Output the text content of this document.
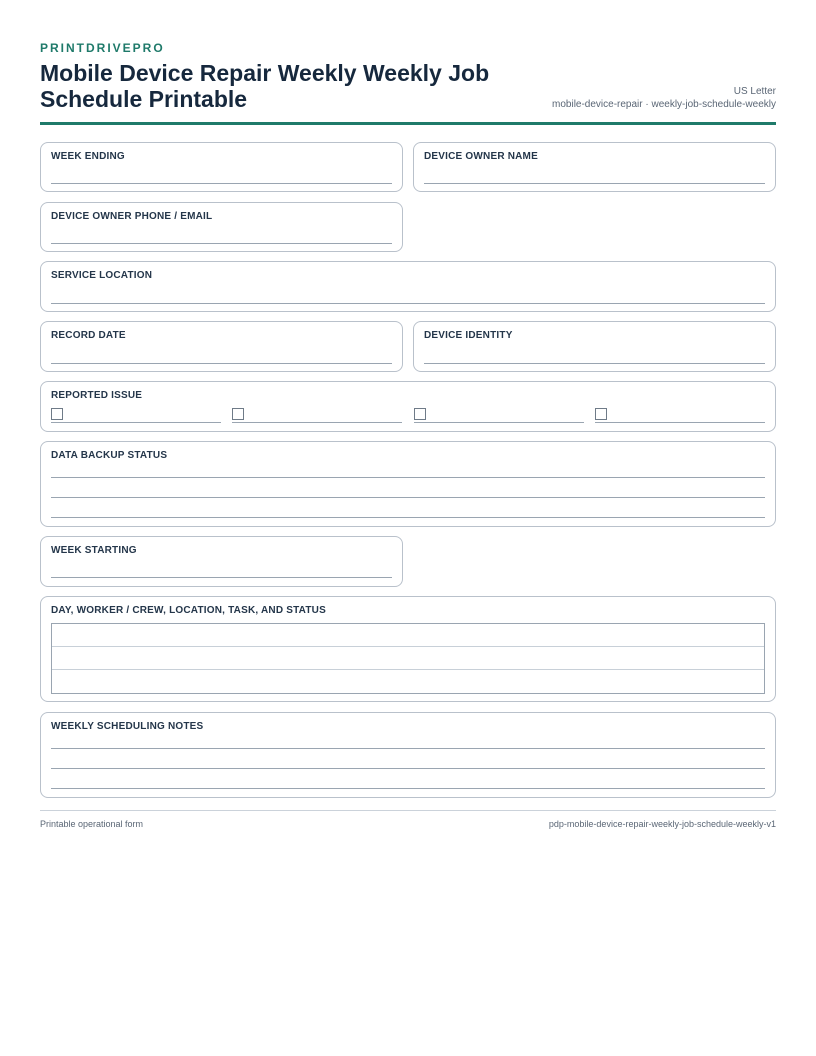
PRINTDRIVEPRO
Mobile Device Repair Weekly Weekly Job Schedule Printable	US Letter
mobile-device-repair · weekly-job-schedule-weekly
WEEK ENDING	DEVICE OWNER NAME
DEVICE OWNER PHONE / EMAIL
SERVICE LOCATION
RECORD DATE	DEVICE IDENTITY
REPORTED ISSUE
DATA BACKUP STATUS
WEEK STARTING
DAY, WORKER / CREW, LOCATION, TASK, AND STATUS
WEEKLY SCHEDULING NOTES
Printable operational form	pdp-mobile-device-repair-weekly-job-schedule-weekly-v1
